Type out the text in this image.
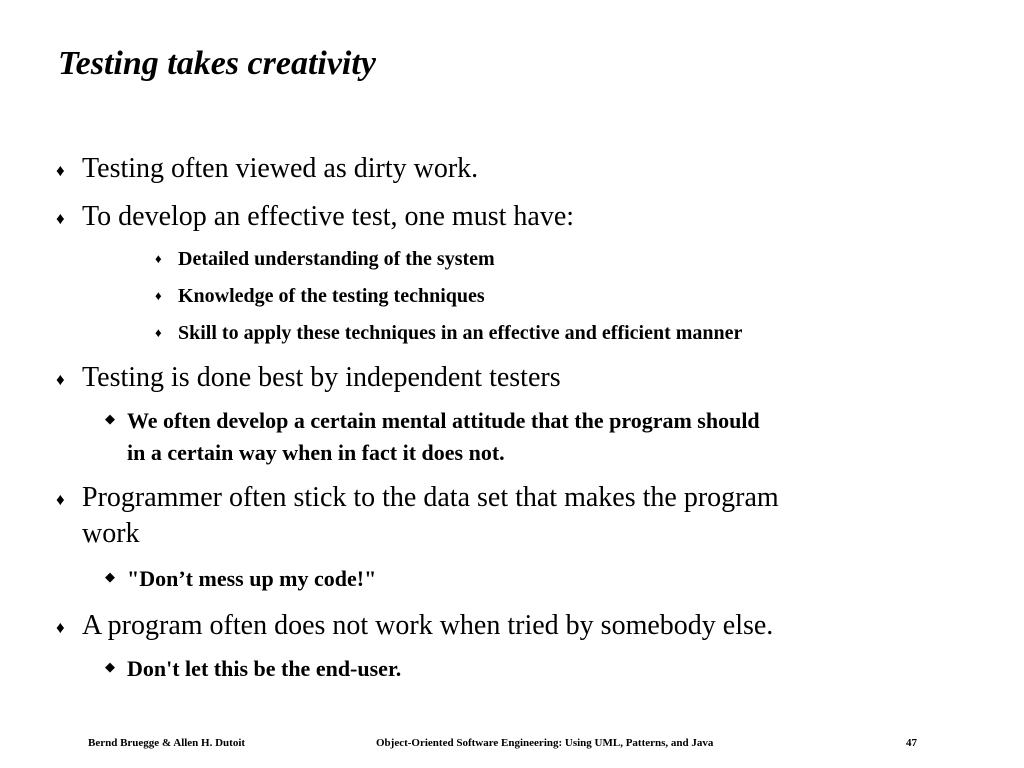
Testing takes creativity
♦ Testing often viewed as dirty work.
♦ To develop an effective test, one must have:
♦ Detailed understanding of the system
♦ Knowledge of the testing techniques
♦ Skill to apply these techniques in an effective and efficient manner
♦ Testing is done best by independent testers
◆ We often develop a certain mental attitude that the program should
in a certain way when in fact it does not.
♦ Programmer often stick to the data set that makes the program
work
◆ "Don’t mess up my code!"
♦ A program often does not work when tried by somebody else.
◆ Don't let this be the end-user.
Bernd Bruegge & Allen H. Dutoit	Object-Oriented Software Engineering: Using UML, Patterns, and Java	47
